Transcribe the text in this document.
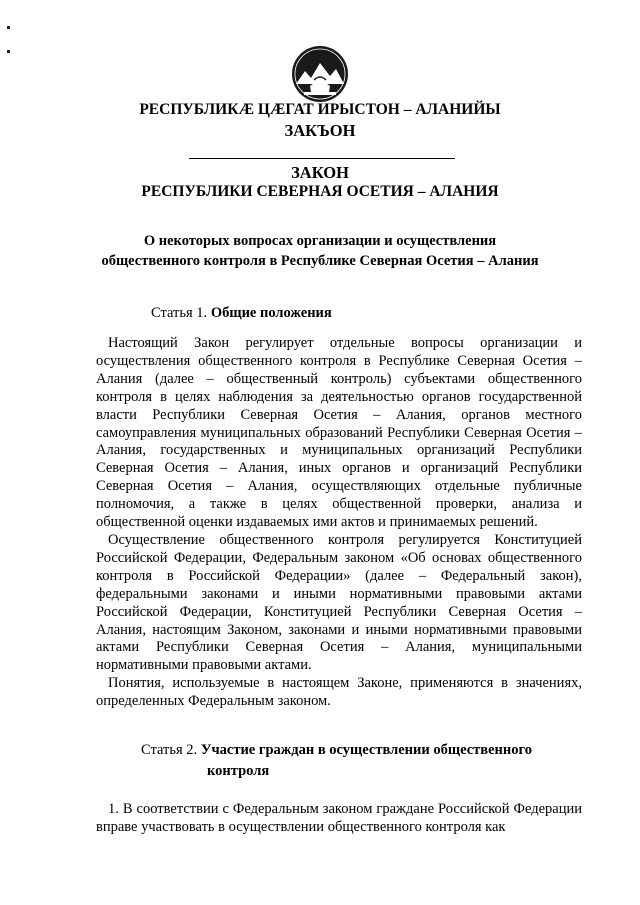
РЕСПУБЛИКӔ ЦӔГАТ ИРЫСТОН – АЛАНИЙЫ
ЗАКЪОН
ЗАКОН
РЕСПУБЛИКИ СЕВЕРНАЯ ОСЕТИЯ – АЛАНИЯ
О некоторых вопросах организации и осуществления
общественного контроля в Республике Северная Осетия – Алания
Статья 1. Общие положения

Настоящий Закон регулирует отдельные вопросы организации и осуществления общественного контроля в Республике Северная Осетия – Алания (далее – общественный контроль) субъектами общественного контроля в целях наблюдения за деятельностью органов государственной власти Республики Северная Осетия – Алания, органов местного самоуправления муниципальных образований Республики Северная Осетия – Алания, государственных и муниципальных организаций Республики Северная Осетия – Алания, иных органов и организаций Республики Северная Осетия – Алания, осуществляющих отдельные публичные полномочия, а также в целях общественной проверки, анализа и общественной оценки издаваемых ими актов и принимаемых решений.

Осуществление общественного контроля регулируется Конституцией Российской Федерации, Федеральным законом «Об основах общественного контроля в Российской Федерации» (далее – Федеральный закон), федеральными законами и иными нормативными правовыми актами Российской Федерации, Конституцией Республики Северная Осетия – Алания, настоящим Законом, законами и иными нормативными правовыми актами Республики Северная Осетия – Алания, муниципальными нормативными правовыми актами.

Понятия, используемые в настоящем Законе, применяются в значениях, определенных Федеральным законом.

Статья 2. Участие граждан в осуществлении общественного
контроля

1. В соответствии с Федеральным законом граждане Российской Федерации вправе участвовать в осуществлении общественного контроля как
